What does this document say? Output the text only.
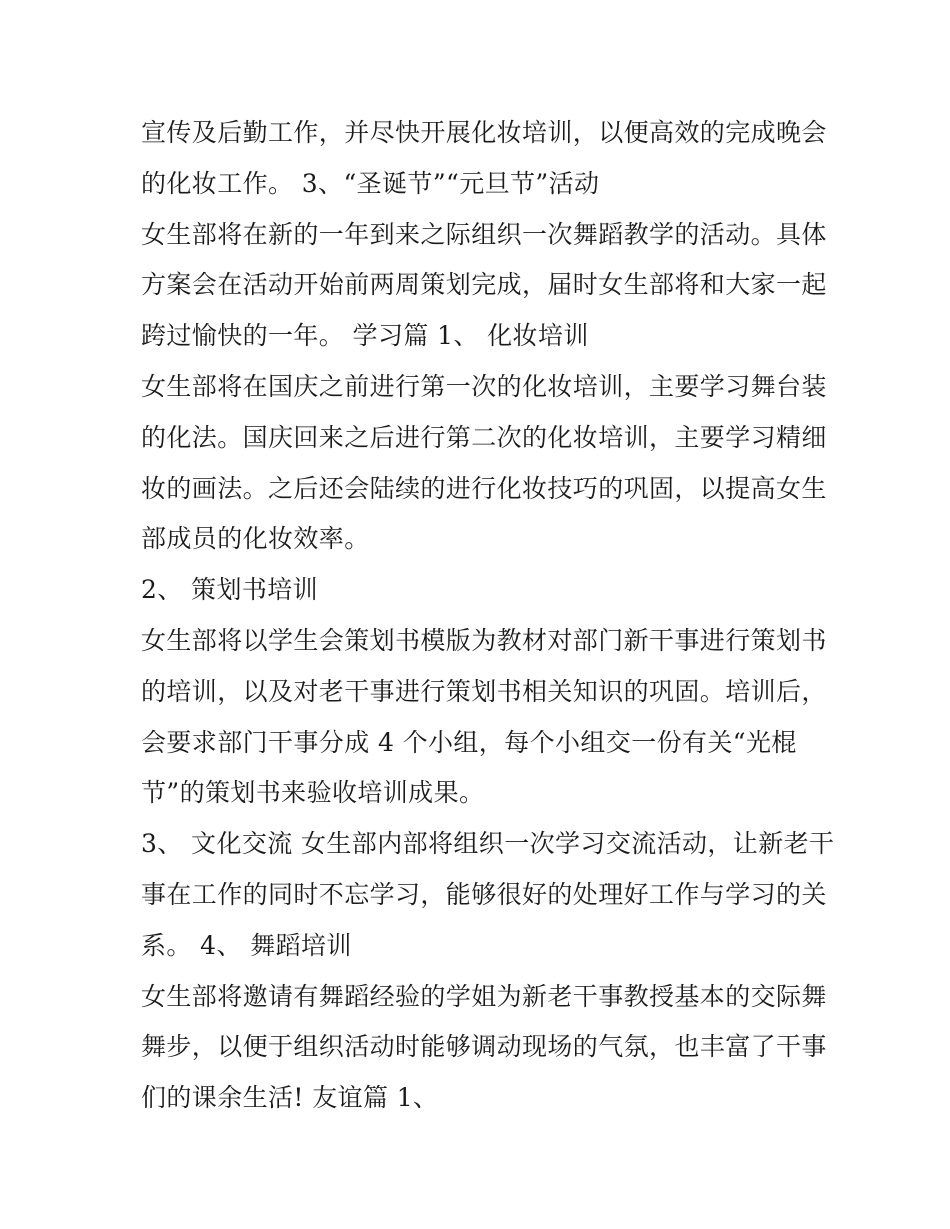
宣传及后勤工作，并尽快开展化妆培训，以便高效的完成晚会
的化妆工作。 3、“圣诞节”“元旦节”活动
女生部将在新的一年到来之际组织一次舞蹈教学的活动。具体
方案会在活动开始前两周策划完成，届时女生部将和大家一起
跨过愉快的一年。 学习篇 1、 化妆培训
女生部将在国庆之前进行第一次的化妆培训，主要学习舞台装
的化法。国庆回来之后进行第二次的化妆培训，主要学习精细
妆的画法。之后还会陆续的进行化妆技巧的巩固，以提高女生
部成员的化妆效率。
2、 策划书培训
女生部将以学生会策划书模版为教材对部门新干事进行策划书
的培训，以及对老干事进行策划书相关知识的巩固。培训后，
会要求部门干事分成 4 个小组，每个小组交一份有关“光棍
节”的策划书来验收培训成果。
3、 文化交流 女生部内部将组织一次学习交流活动，让新老干
事在工作的同时不忘学习，能够很好的处理好工作与学习的关
系。 4、 舞蹈培训
女生部将邀请有舞蹈经验的学姐为新老干事教授基本的交际舞
舞步，以便于组织活动时能够调动现场的气氛，也丰富了干事
们的课余生活! 友谊篇 1、
